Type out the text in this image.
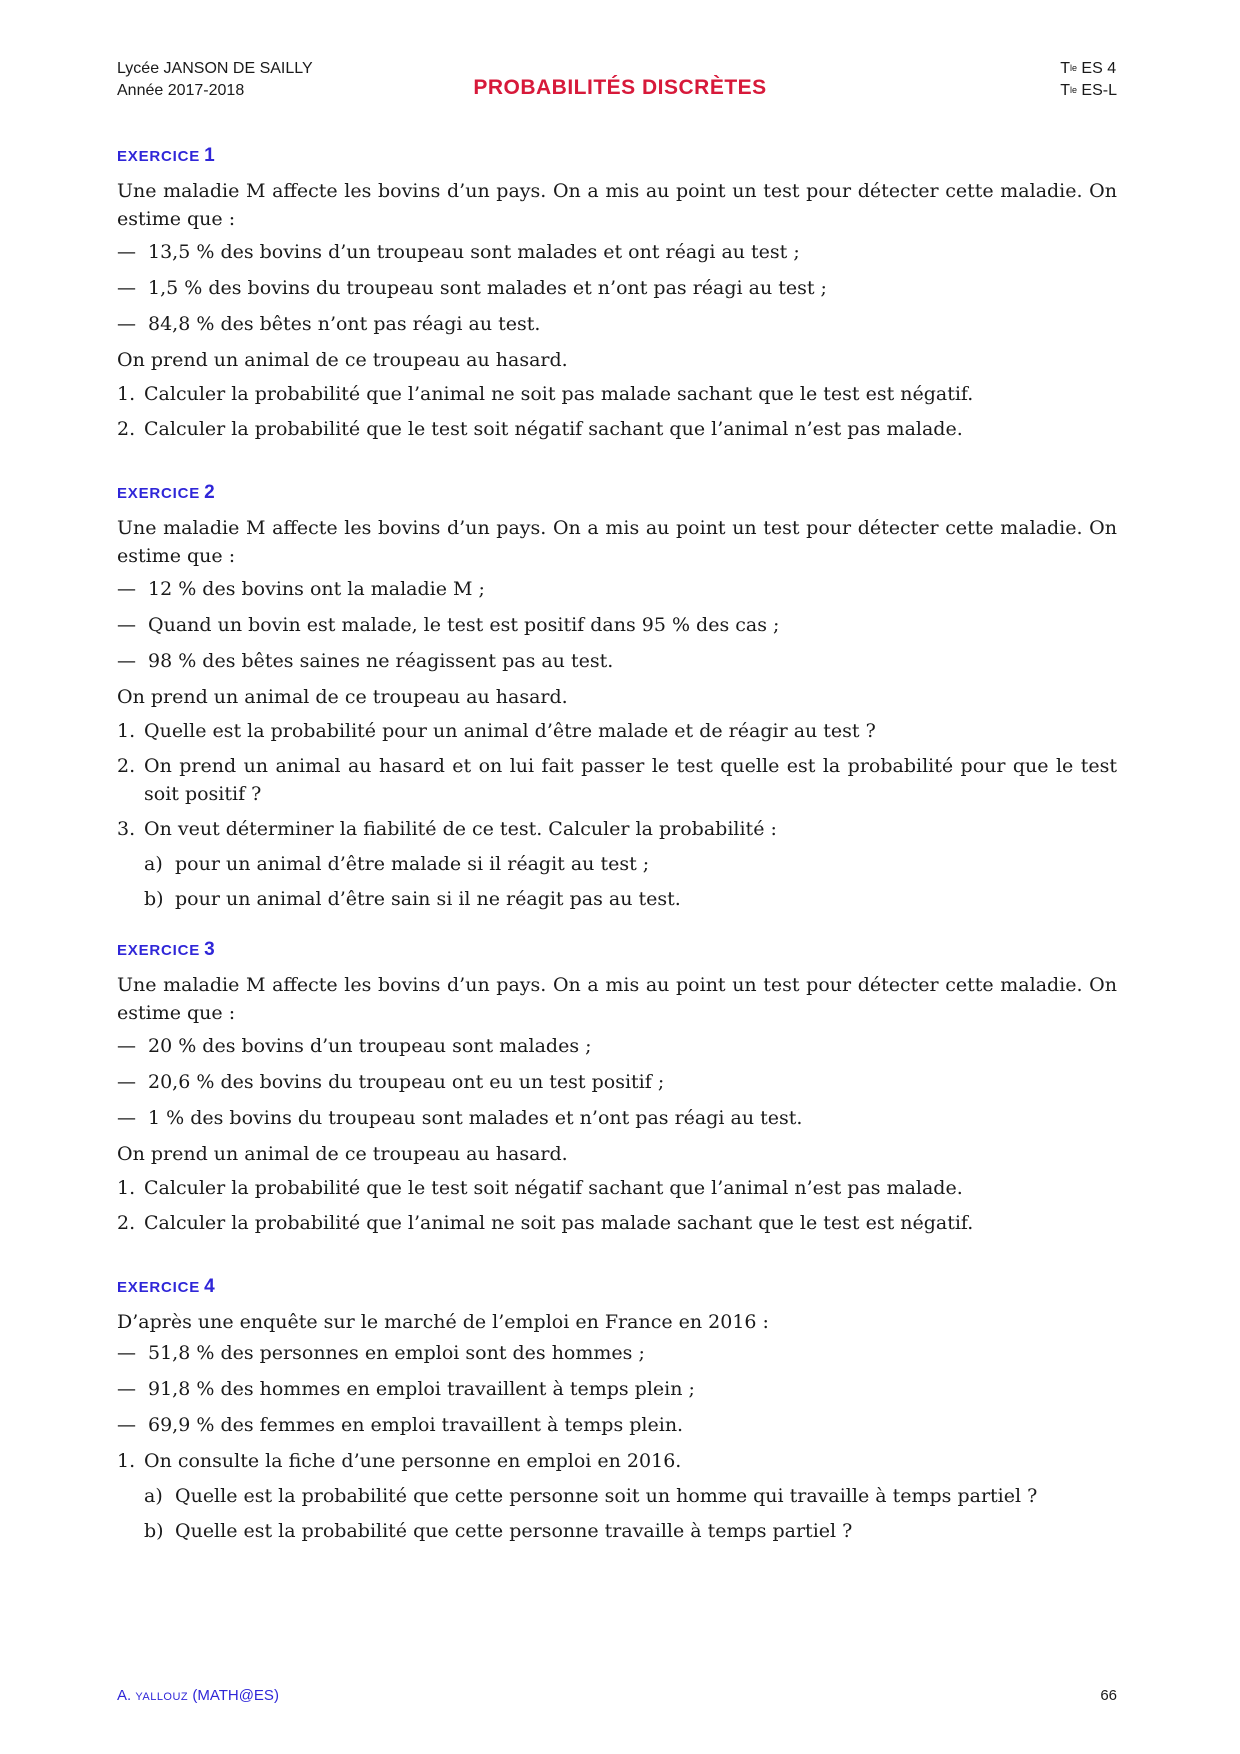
Lycée JANSON DE SAILLY
Année 2017-2018	PROBABILITÉS DISCRÈTES
$T^{le}$ ES 4
$T^{le}$ ES-L
EXERCICE 1

Une maladie M affecte les bovins d’un pays. On a mis au point un test pour détecter cette maladie. On estime que :

— 13,5 % des bovins d’un troupeau sont malades et ont réagi au test ;
— 1,5 % des bovins du troupeau sont malades et n’ont pas réagi au test ;
— 84,8 % des bêtes n’ont pas réagi au test.

On prend un animal de ce troupeau au hasard.

1. Calculer la probabilité que l’animal ne soit pas malade sachant que le test est négatif.
2. Calculer la probabilité que le test soit négatif sachant que l’animal n’est pas malade.
EXERCICE 2

Une maladie M affecte les bovins d’un pays. On a mis au point un test pour détecter cette maladie. On estime que :

— 12 % des bovins ont la maladie M ;
— Quand un bovin est malade, le test est positif dans 95 % des cas ;
— 98 % des bêtes saines ne réagissent pas au test.

On prend un animal de ce troupeau au hasard.

1. Quelle est la probabilité pour un animal d’être malade et de réagir au test ?
2. On prend un animal au hasard et on lui fait passer le test quelle est la probabilité pour que le test soit positif ?
3. On veut déterminer la fiabilité de ce test. Calculer la probabilité :
a) pour un animal d’être malade si il réagit au test ;
b) pour un animal d’être sain si il ne réagit pas au test.
EXERCICE 3

Une maladie M affecte les bovins d’un pays. On a mis au point un test pour détecter cette maladie. On estime que :

— 20 % des bovins d’un troupeau sont malades ;
— 20,6 % des bovins du troupeau ont eu un test positif ;
— 1 % des bovins du troupeau sont malades et n’ont pas réagi au test.

On prend un animal de ce troupeau au hasard.

1. Calculer la probabilité que le test soit négatif sachant que l’animal n’est pas malade.
2. Calculer la probabilité que l’animal ne soit pas malade sachant que le test est négatif.
EXERCICE 4

D’après une enquête sur le marché de l’emploi en France en 2016 :

— 51,8 % des personnes en emploi sont des hommes ;
— 91,8 % des hommes en emploi travaillent à temps plein ;
— 69,9 % des femmes en emploi travaillent à temps plein.
1. On consulte la fiche d’une personne en emploi en 2016.
a) Quelle est la probabilité que cette personne soit un homme qui travaille à temps partiel ?
b) Quelle est la probabilité que cette personne travaille à temps partiel ?
A. YALLOUZ (MATH@ES)	66
